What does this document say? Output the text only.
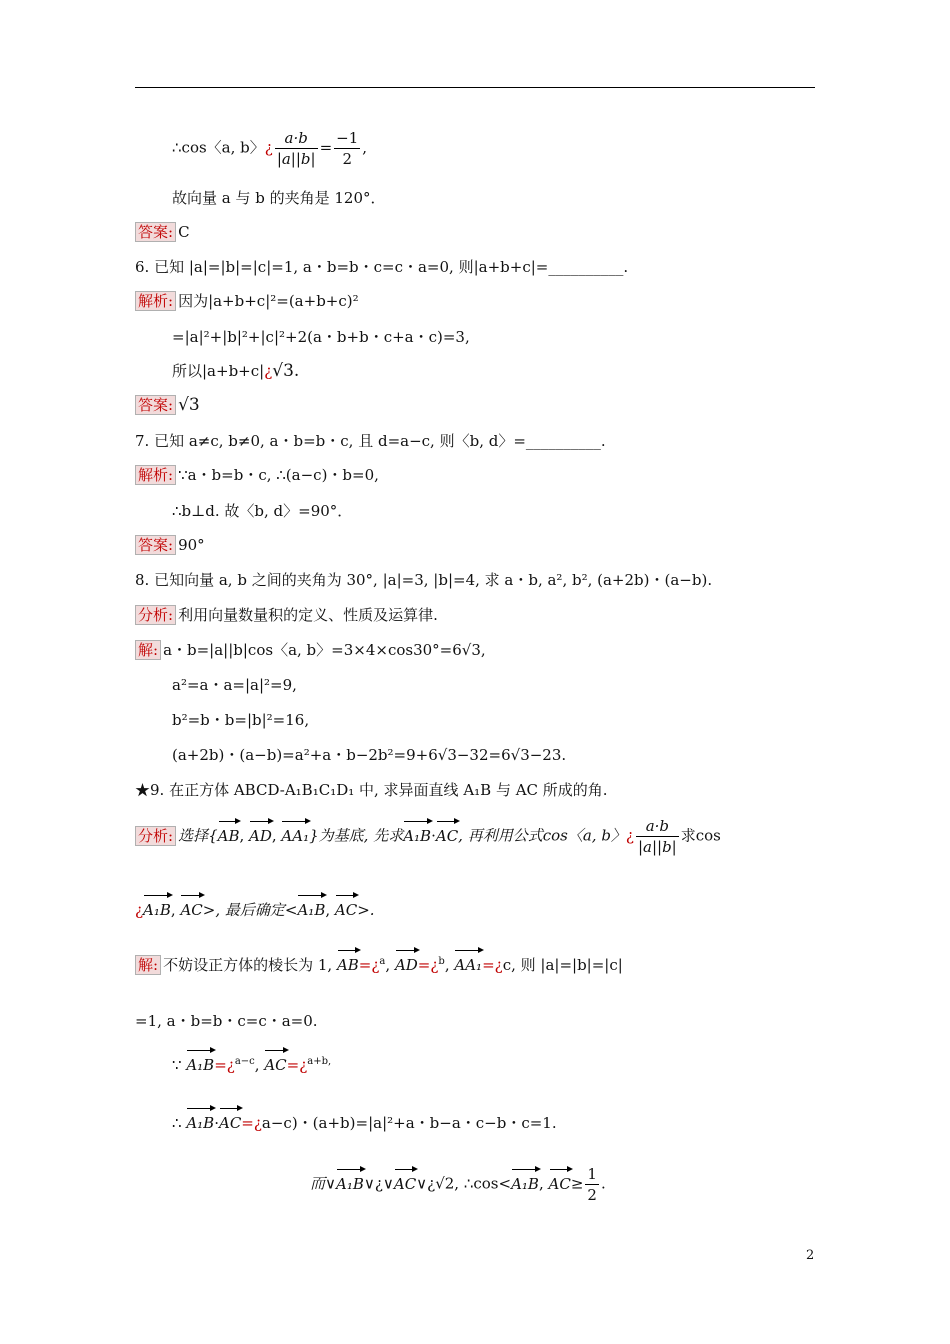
∴cos〈a, b〉¿ $\frac{a\cdot b}{|a||b|} = \frac{-1}{2}$ ,
故向量 a 与 b 的夹角是 120°．
答案: C
6. 已知 |a|=|b|=|c|=1, a・b=b・c=c・a=0, 则|a+b+c|=__________.
解析: 因为|a+b+c|²=(a+b+c)²
=|a|²+|b|²+|c|²+2(a・b+b・c+a・c)=3,
所以|a+b+c|¿√3.
答案: √3
7. 已知 a≠c, b≠0, a・b=b・c, 且 d=a−c, 则〈b, d〉=__________.
解析: ∵a・b=b・c, ∴(a−c)・b=0,
∴b⊥d. 故〈b, d〉=90°．
答案: 90°
8. 已知向量 a, b 之间的夹角为 30°, |a|=3, |b|=4, 求 a・b, a², b², (a+2b)・(a−b).
分析: 利用向量数量积的定义、性质及运算律.
解: a・b=|a||b|cos〈a, b〉=3×4×cos30°=6√3,
a²=a・a=|a|²=9,
b²=b・b=|b|²=16,
(a+2b)・(a−b)=a²+a・b−2b²=9+6√3−32=6√3−23.
★9. 在正方体 ABCD-A₁B₁C₁D₁ 中, 求异面直线 A₁B 与 AC 所成的角.
分析: 选择{AB, AD, AA₁}为基底, 先求A₁B·AC, 再利用公式cos〈a, b〉¿ $\frac{a\cdot b}{|a||b|}$ 求cos
¿A₁B, AC>, 最后确定<A₁B, AC>.
解: 不妨设正方体的棱长为 1, AB=¿$^a$, AD=¿$^b$, AA₁=¿c, 则 |a|=|b|=|c|
=1, a・b=b・c=c・a=0.
∵ A₁B=¿$^{a-c}$, AC=¿$^{a+b,}$
∴ A₁B·AC=¿a−c)・(a+b)=|a|²+a・b−a・c−b・c=1.
而∨A₁B∨¿∨AC∨¿√2, ∴cos<A₁B, $AC\ge \frac{1}{2}$ .
2
